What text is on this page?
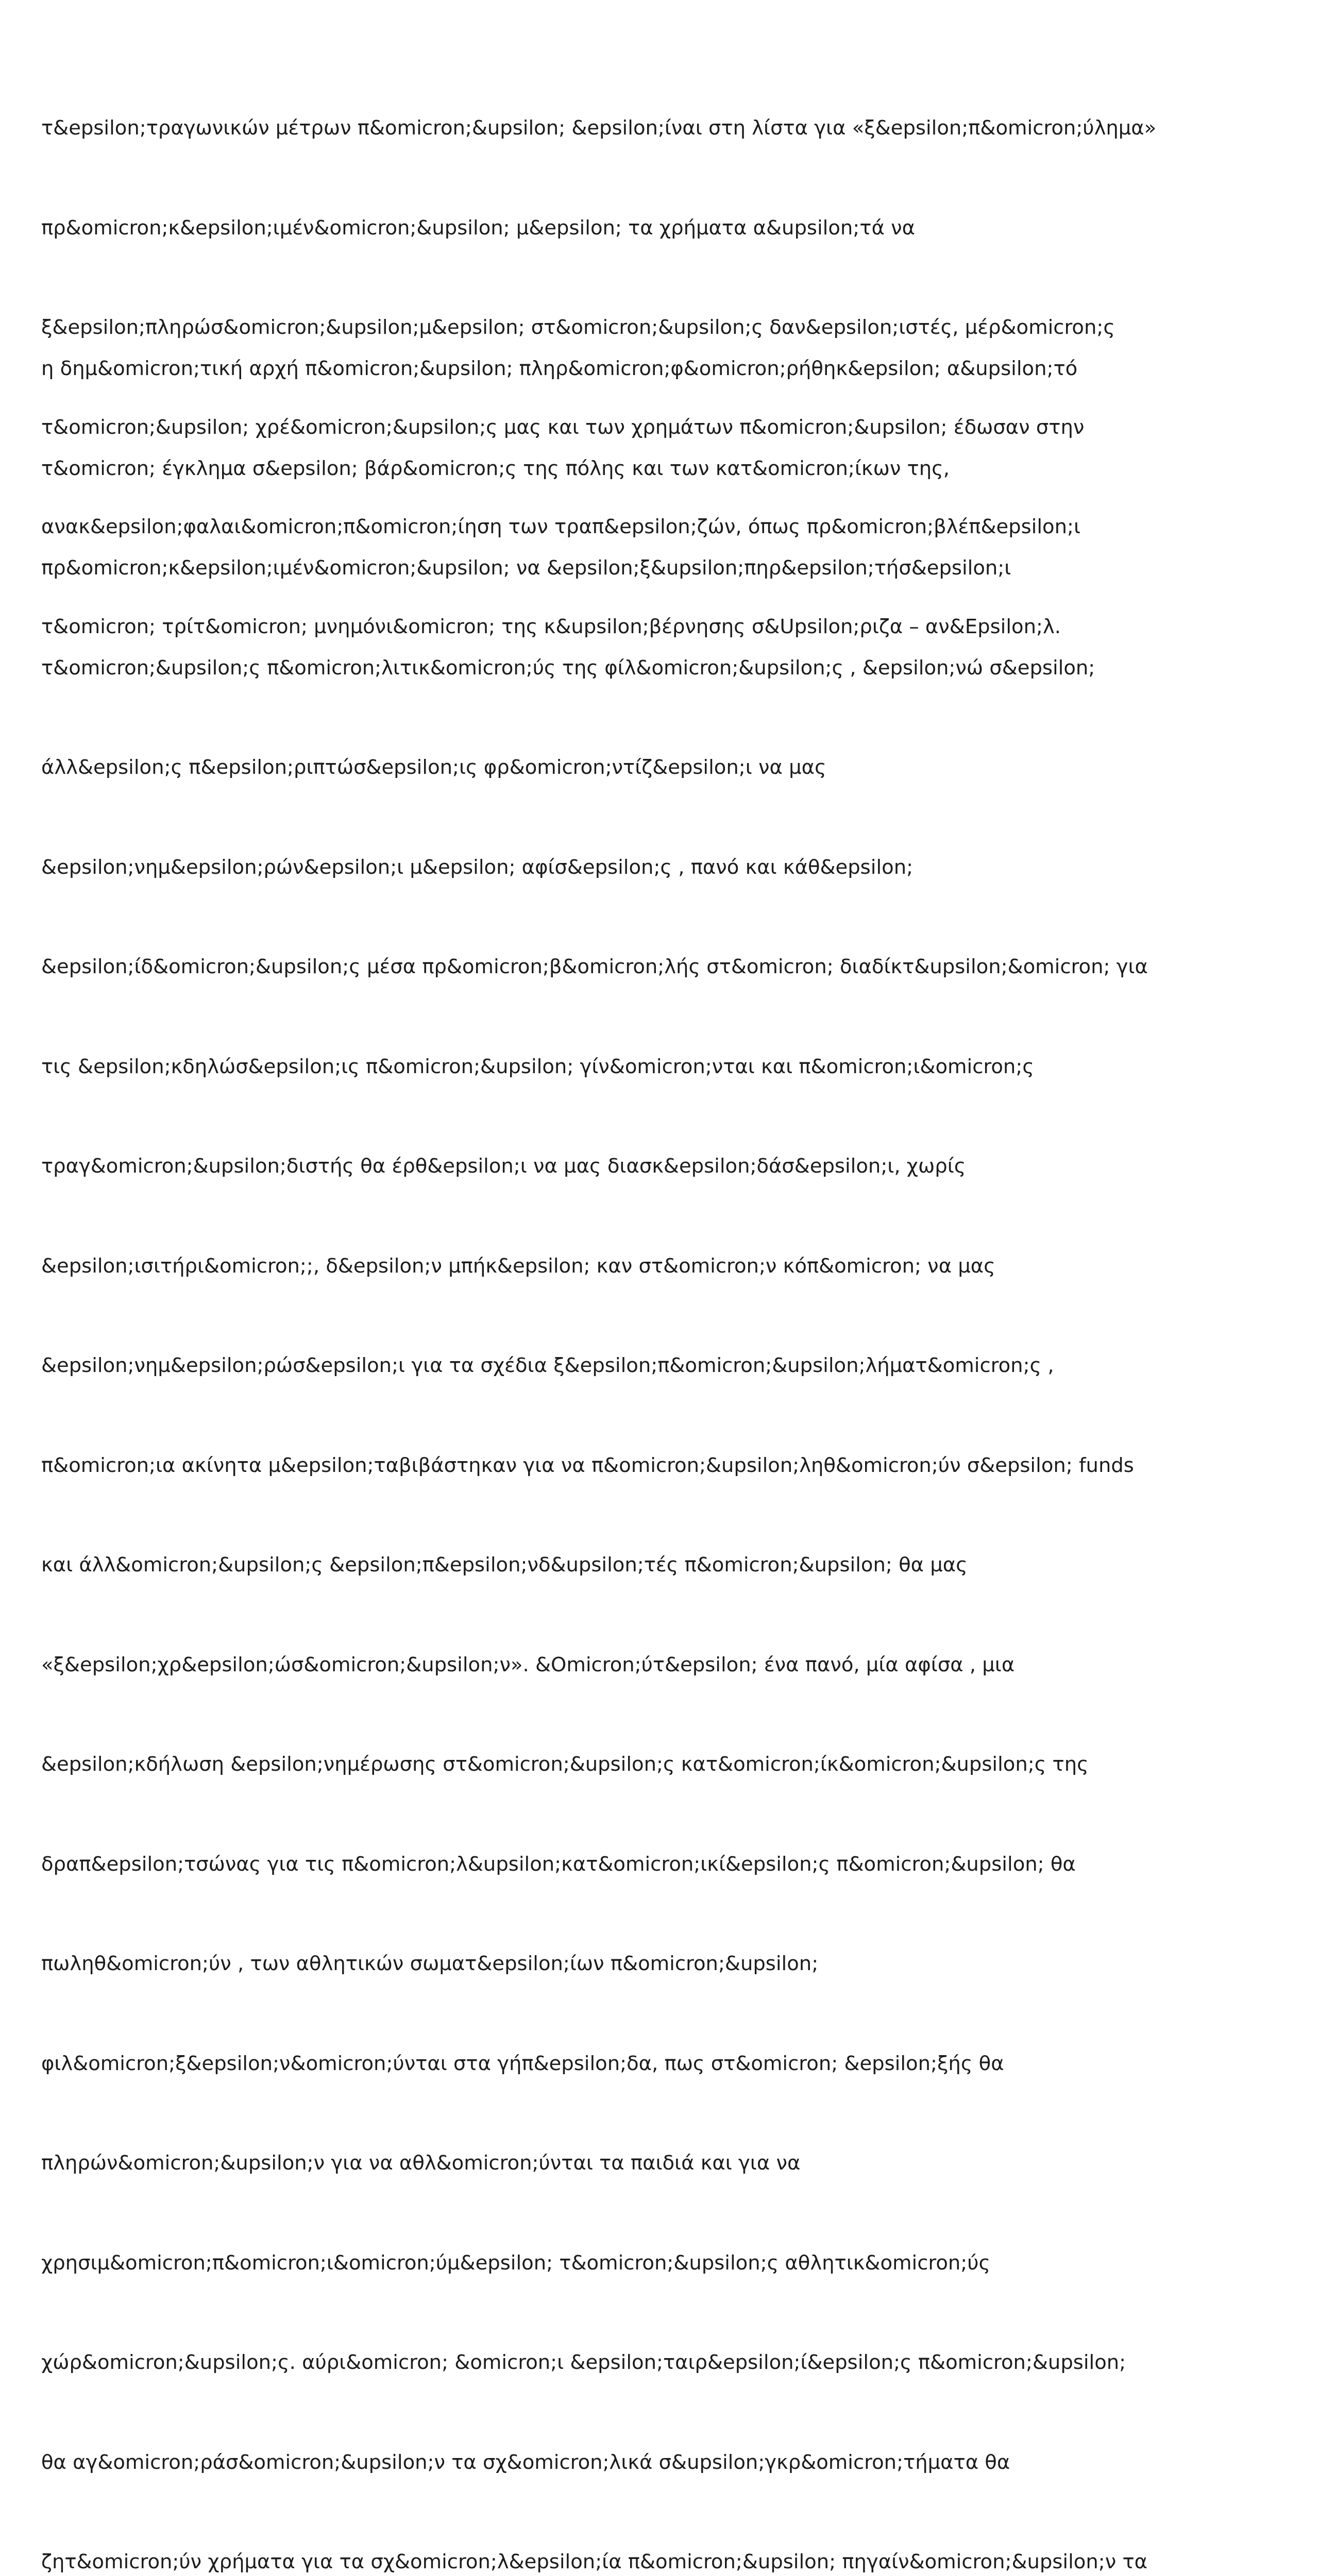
τ&epsilon;τραγωνικών μέτρων π&omicron;&upsilon; &epsilon;ίναι στη λίστα για «ξ&epsilon;π&omicron;ύλημα»

πρ&omicron;κ&epsilon;ιμέν&omicron;&upsilon; μ&epsilon; τα χρήματα α&upsilon;τά να

ξ&epsilon;πληρώσ&omicron;&upsilon;μ&epsilon; στ&omicron;&upsilon;ς δαν&epsilon;ιστές, μέρ&omicron;ς

τ&omicron;&upsilon; χρέ&omicron;&upsilon;ς μας και των χρημάτων π&omicron;&upsilon; έδωσαν στην

ανακ&epsilon;φαλαι&omicron;π&omicron;ίηση των τραπ&epsilon;ζών, όπως πρ&omicron;βλέπ&epsilon;ι

τ&omicron; τρίτ&omicron; μνημόνι&omicron; της κ&upsilon;βέρνησης σ&Upsilon;ριζα – αν&Epsilon;λ.

η δημ&omicron;τική αρχή π&omicron;&upsilon; πληρ&omicron;φ&omicron;ρήθηκ&epsilon; α&upsilon;τό

τ&omicron; έγκλημα σ&epsilon; βάρ&omicron;ς της πόλης και των κατ&omicron;ίκων της,

πρ&omicron;κ&epsilon;ιμέν&omicron;&upsilon; να &epsilon;ξ&upsilon;πηρ&epsilon;τήσ&epsilon;ι

τ&omicron;&upsilon;ς π&omicron;λιτικ&omicron;ύς της φίλ&omicron;&upsilon;ς , &epsilon;νώ σ&epsilon;

άλλ&epsilon;ς π&epsilon;ριπτώσ&epsilon;ις φρ&omicron;ντίζ&epsilon;ι να μας

&epsilon;νημ&epsilon;ρών&epsilon;ι μ&epsilon; αφίσ&epsilon;ς , πανό και κάθ&epsilon;

&epsilon;ίδ&omicron;&upsilon;ς μέσα πρ&omicron;β&omicron;λής στ&omicron; διαδίκτ&upsilon;&omicron; για

τις &epsilon;κδηλώσ&epsilon;ις π&omicron;&upsilon; γίν&omicron;νται και π&omicron;ι&omicron;ς

τραγ&omicron;&upsilon;διστής θα έρθ&epsilon;ι να μας διασκ&epsilon;δάσ&epsilon;ι, χωρίς

&epsilon;ισιτήρι&omicron;;, δ&epsilon;ν μπήκ&epsilon; καν στ&omicron;ν κόπ&omicron; να μας

&epsilon;νημ&epsilon;ρώσ&epsilon;ι για τα σχέδια ξ&epsilon;π&omicron;&upsilon;λήματ&omicron;ς ,

π&omicron;ια ακίνητα μ&epsilon;ταβιβάστηκαν για να π&omicron;&upsilon;ληθ&omicron;ύν σ&epsilon; funds

και άλλ&omicron;&upsilon;ς &epsilon;π&epsilon;νδ&upsilon;τές π&omicron;&upsilon; θα μας

«ξ&epsilon;χρ&epsilon;ώσ&omicron;&upsilon;ν». &Omicron;ύτ&epsilon; ένα πανό, μία αφίσα , μια

&epsilon;κδήλωση &epsilon;νημέρωσης στ&omicron;&upsilon;ς κατ&omicron;ίκ&omicron;&upsilon;ς της

δραπ&epsilon;τσώνας για τις π&omicron;λ&upsilon;κατ&omicron;ικί&epsilon;ς π&omicron;&upsilon; θα

πωληθ&omicron;ύν , των αθλητικών σωματ&epsilon;ίων π&omicron;&upsilon;

φιλ&omicron;ξ&epsilon;ν&omicron;ύνται στα γήπ&epsilon;δα, πως στ&omicron; &epsilon;ξής θα

πληρών&omicron;&upsilon;ν για να αθλ&omicron;ύνται τα παιδιά και για να

χρησιμ&omicron;π&omicron;ι&omicron;ύμ&epsilon; τ&omicron;&upsilon;ς αθλητικ&omicron;ύς

χώρ&omicron;&upsilon;ς. αύρι&omicron; &omicron;ι &epsilon;ταιρ&epsilon;ί&epsilon;ς π&omicron;&upsilon;

θα αγ&omicron;ράσ&omicron;&upsilon;ν τα σχ&omicron;λικά σ&upsilon;γκρ&omicron;τήματα θα

ζητ&omicron;ύν χρήματα για τα σχ&omicron;λ&epsilon;ία π&omicron;&upsilon; πηγαίν&omicron;&upsilon;ν τα
